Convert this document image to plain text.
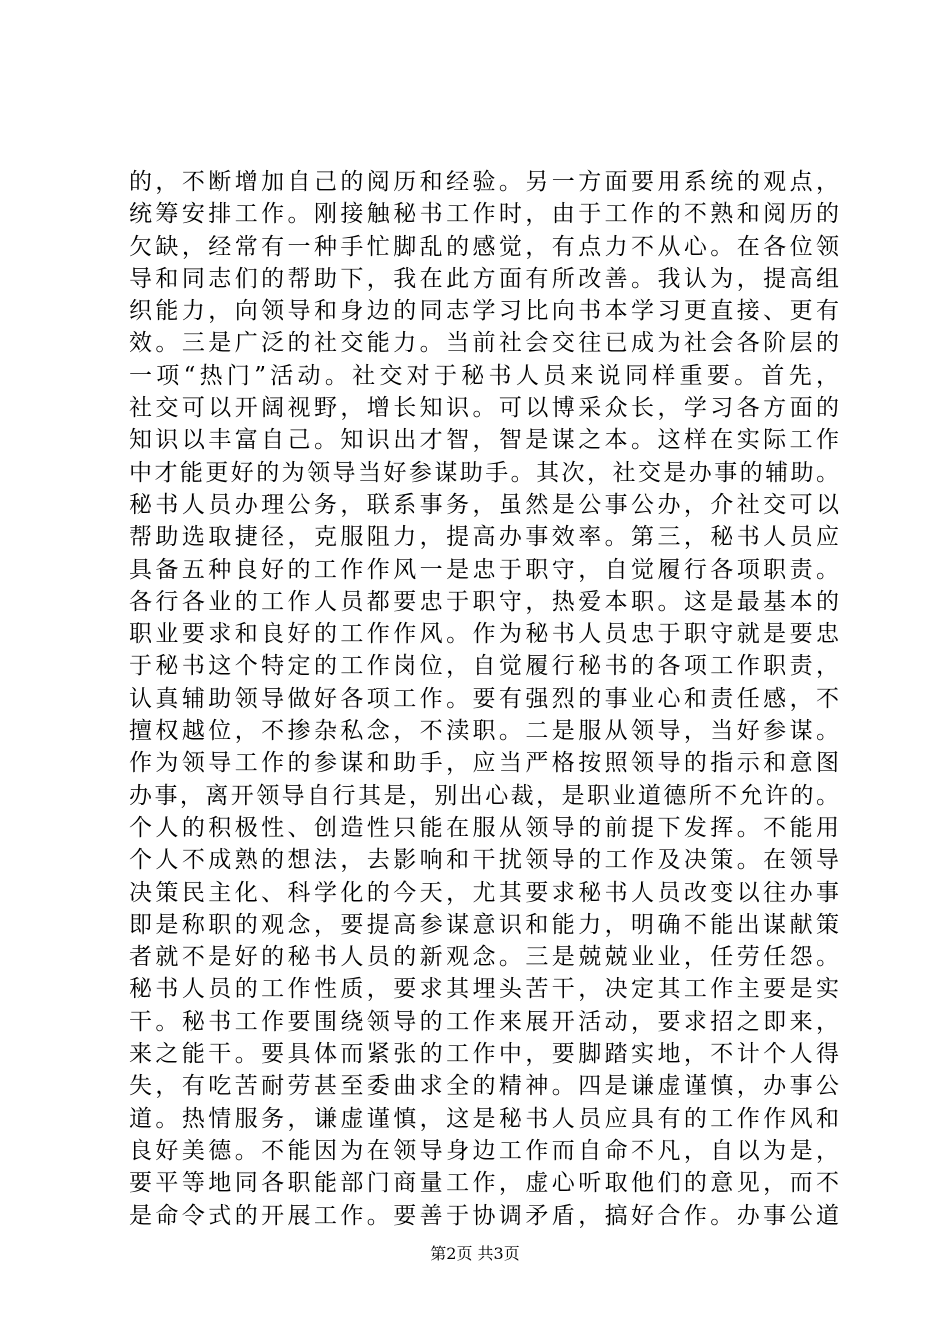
的，不断增加自己的阅历和经验。另一方面要用系统的观点，
统筹安排工作。刚接触秘书工作时，由于工作的不熟和阅历的
欠缺，经常有一种手忙脚乱的感觉，有点力不从心。在各位领
导和同志们的帮助下，我在此方面有所改善。我认为，提高组
织能力，向领导和身边的同志学习比向书本学习更直接、更有
效。三是广泛的社交能力。当前社会交往已成为社会各阶层的
一项“热门”活动。社交对于秘书人员来说同样重要。首先，
社交可以开阔视野，增长知识。可以博采众长，学习各方面的
知识以丰富自己。知识出才智，智是谋之本。这样在实际工作
中才能更好的为领导当好参谋助手。其次，社交是办事的辅助。
秘书人员办理公务，联系事务，虽然是公事公办，介社交可以
帮助选取捷径，克服阻力，提高办事效率。第三，秘书人员应
具备五种良好的工作作风一是忠于职守，自觉履行各项职责。
各行各业的工作人员都要忠于职守，热爱本职。这是最基本的
职业要求和良好的工作作风。作为秘书人员忠于职守就是要忠
于秘书这个特定的工作岗位，自觉履行秘书的各项工作职责，
认真辅助领导做好各项工作。要有强烈的事业心和责任感，不
擅权越位，不掺杂私念，不渎职。二是服从领导，当好参谋。
作为领导工作的参谋和助手，应当严格按照领导的指示和意图
办事，离开领导自行其是，别出心裁，是职业道德所不允许的。
个人的积极性、创造性只能在服从领导的前提下发挥。不能用
个人不成熟的想法，去影响和干扰领导的工作及决策。在领导
决策民主化、科学化的今天，尤其要求秘书人员改变以往办事
即是称职的观念，要提高参谋意识和能力，明确不能出谋献策
者就不是好的秘书人员的新观念。三是兢兢业业，任劳任怨。
秘书人员的工作性质，要求其埋头苦干，决定其工作主要是实
干。秘书工作要围绕领导的工作来展开活动，要求招之即来，
来之能干。要具体而紧张的工作中，要脚踏实地，不计个人得
失，有吃苦耐劳甚至委曲求全的精神。四是谦虚谨慎，办事公
道。热情服务，谦虚谨慎，这是秘书人员应具有的工作作风和
良好美德。不能因为在领导身边工作而自命不凡，自以为是，
要平等地同各职能部门商量工作，虚心听取他们的意见，而不
是命令式的开展工作。要善于协调矛盾，搞好合作。办事公道
第2页 共3页
